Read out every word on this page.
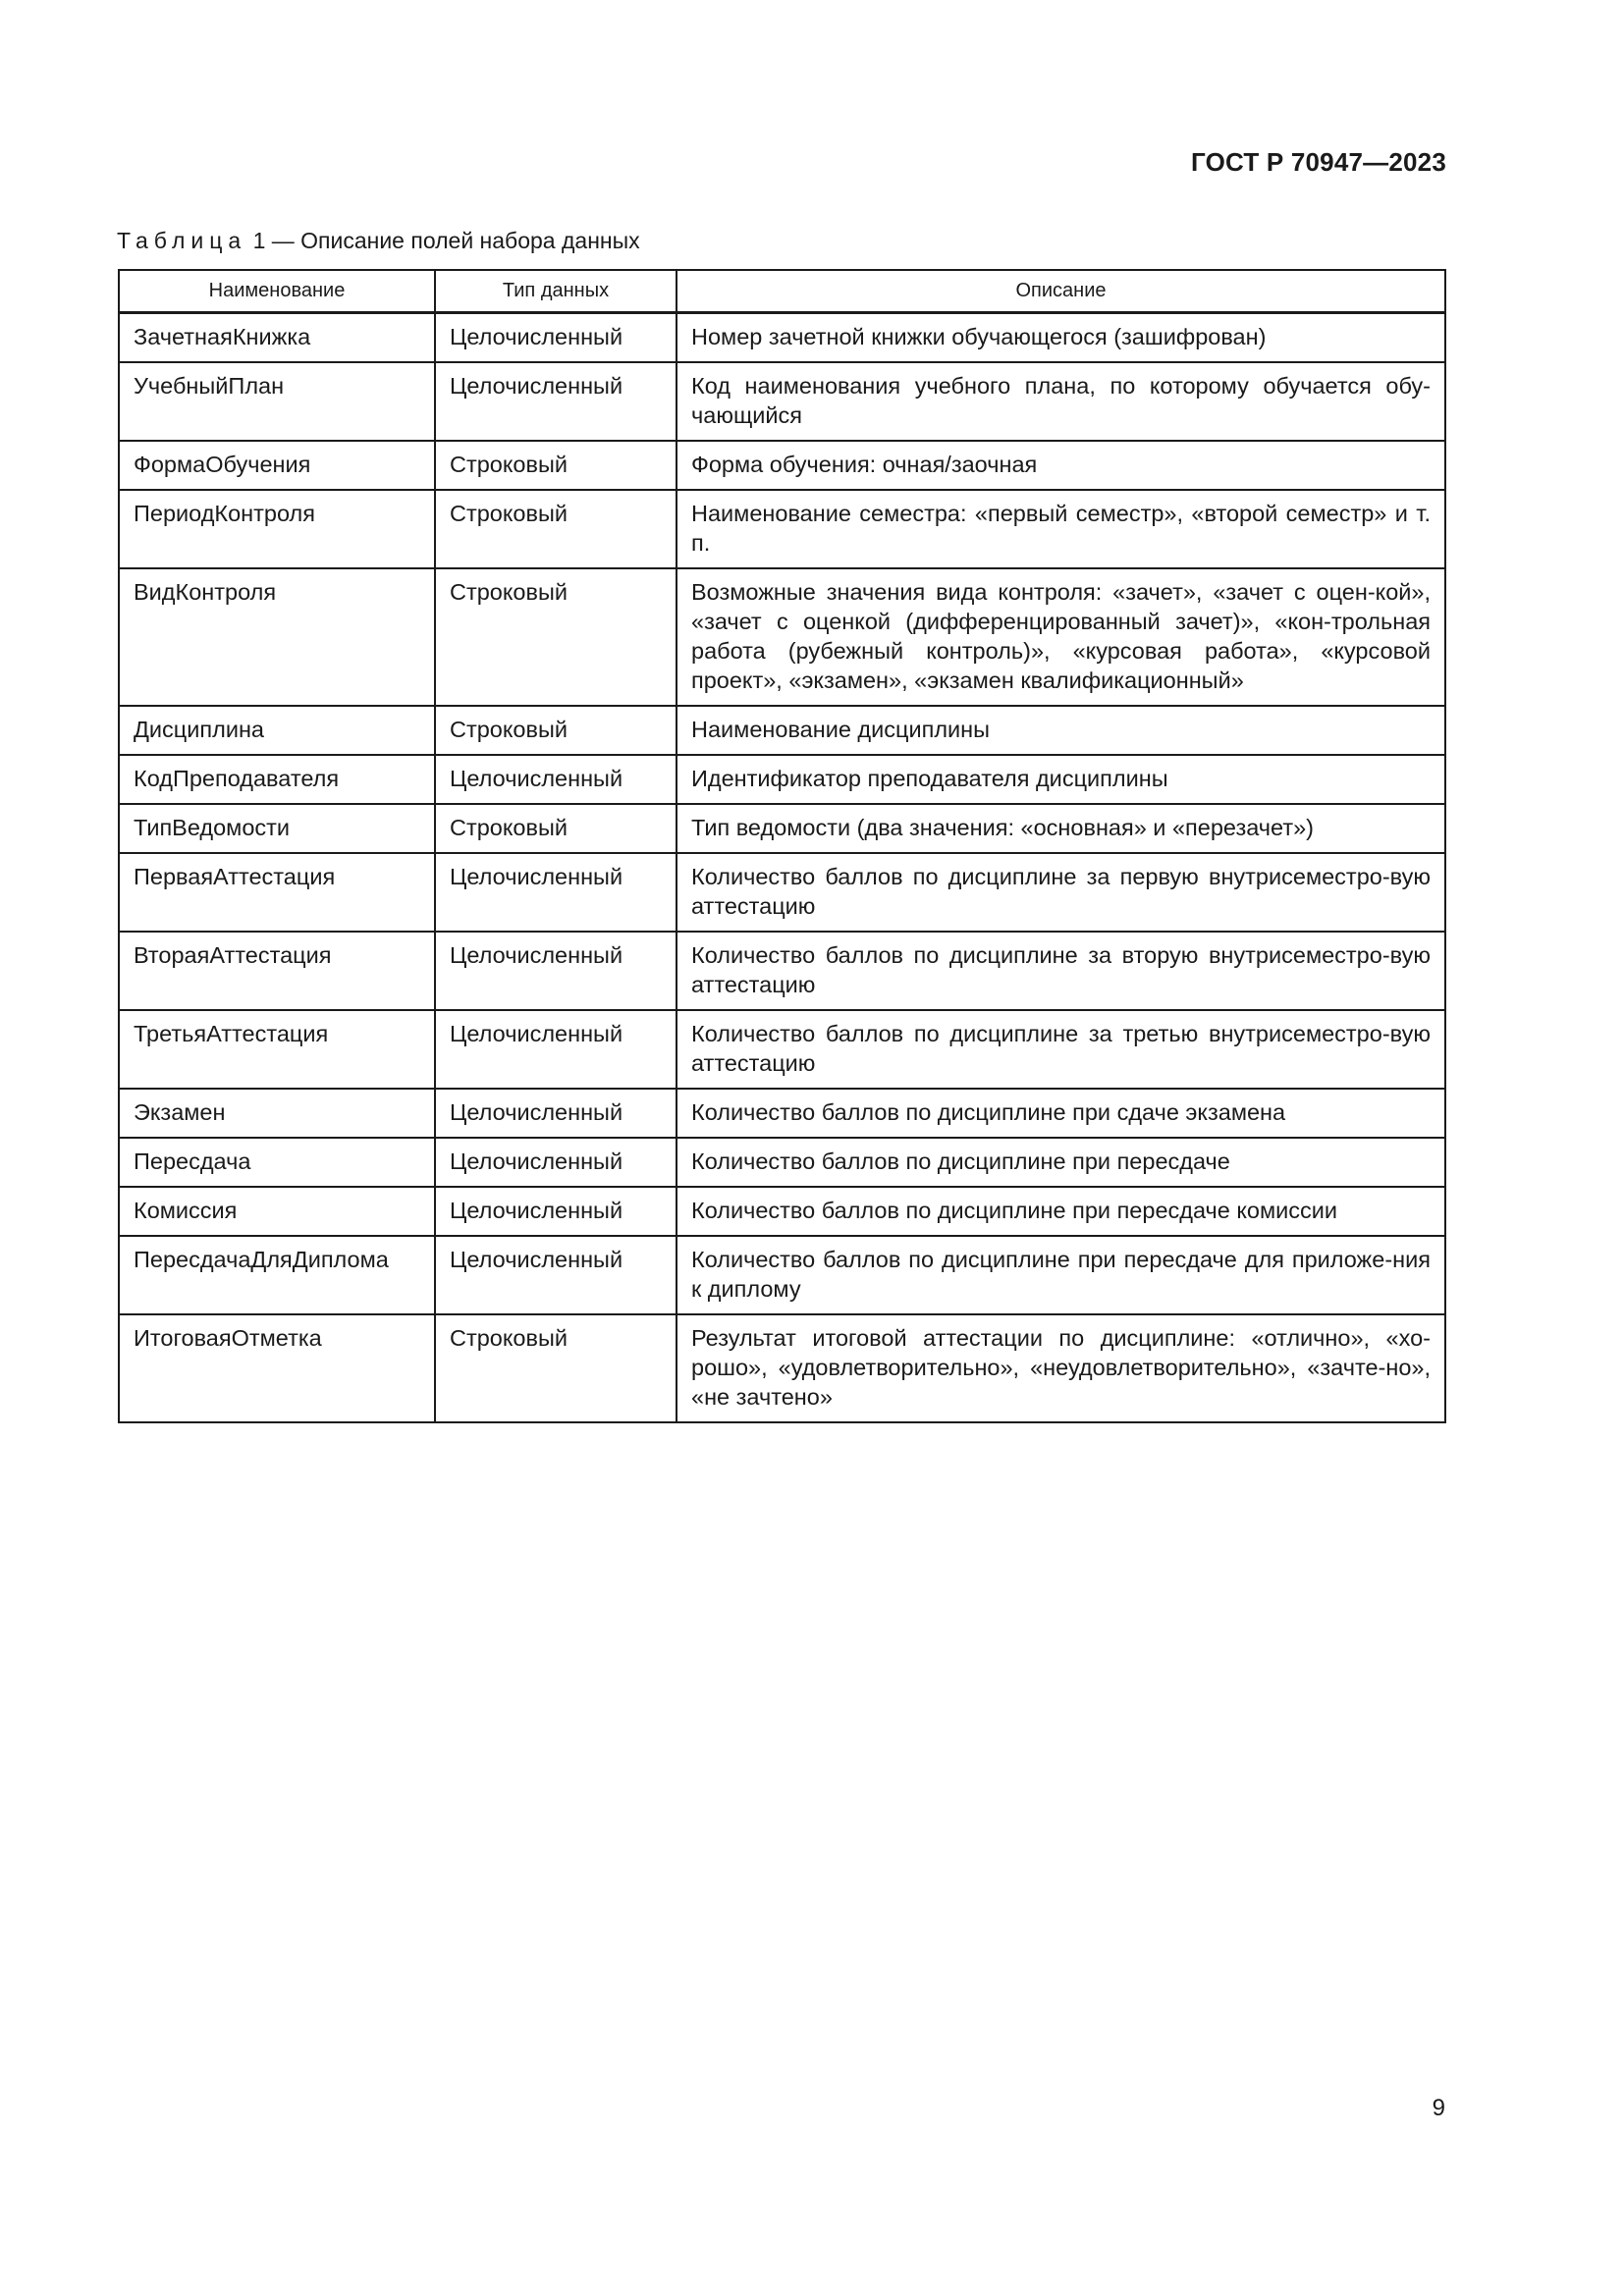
ГОСТ Р 70947—2023
Таблица 1 — Описание полей набора данных
Наименование	Тип данных	Описание
ЗачетнаяКнижка	Целочисленный	Номер зачетной книжки обучающегося (зашифрован)
УчебныйПлан	Целочисленный	Код наименования учебного плана, по которому обучается обу-чающийся
ФормаОбучения	Строковый	Форма обучения: очная/заочная
ПериодКонтроля	Строковый	Наименование семестра: «первый семестр», «второй семестр» и т. п.
ВидКонтроля	Строковый	Возможные значения вида контроля: «зачет», «зачет с оцен-кой», «зачет с оценкой (дифференцированный зачет)», «кон-трольная работа (рубежный контроль)», «курсовая работа», «курсовой проект», «экзамен», «экзамен квалификационный»
Дисциплина	Строковый	Наименование дисциплины
КодПреподавателя	Целочисленный	Идентификатор преподавателя дисциплины
ТипВедомости	Строковый	Тип ведомости (два значения: «основная» и «перезачет»)
ПерваяАттестация	Целочисленный	Количество баллов по дисциплине за первую внутрисеместро-вую аттестацию
ВтораяАттестация	Целочисленный	Количество баллов по дисциплине за вторую внутрисеместро-вую аттестацию
ТретьяАттестация	Целочисленный	Количество баллов по дисциплине за третью внутрисеместро-вую аттестацию
Экзамен	Целочисленный	Количество баллов по дисциплине при сдаче экзамена
Пересдача	Целочисленный	Количество баллов по дисциплине при пересдаче
Комиссия	Целочисленный	Количество баллов по дисциплине при пересдаче комиссии
ПересдачаДляДиплома	Целочисленный	Количество баллов по дисциплине при пересдаче для приложе-ния к диплому
ИтоговаяОтметка	Строковый	Результат итоговой аттестации по дисциплине: «отлично», «хо-рошо», «удовлетворительно», «неудовлетворительно», «зачте-но», «не зачтено»
9
